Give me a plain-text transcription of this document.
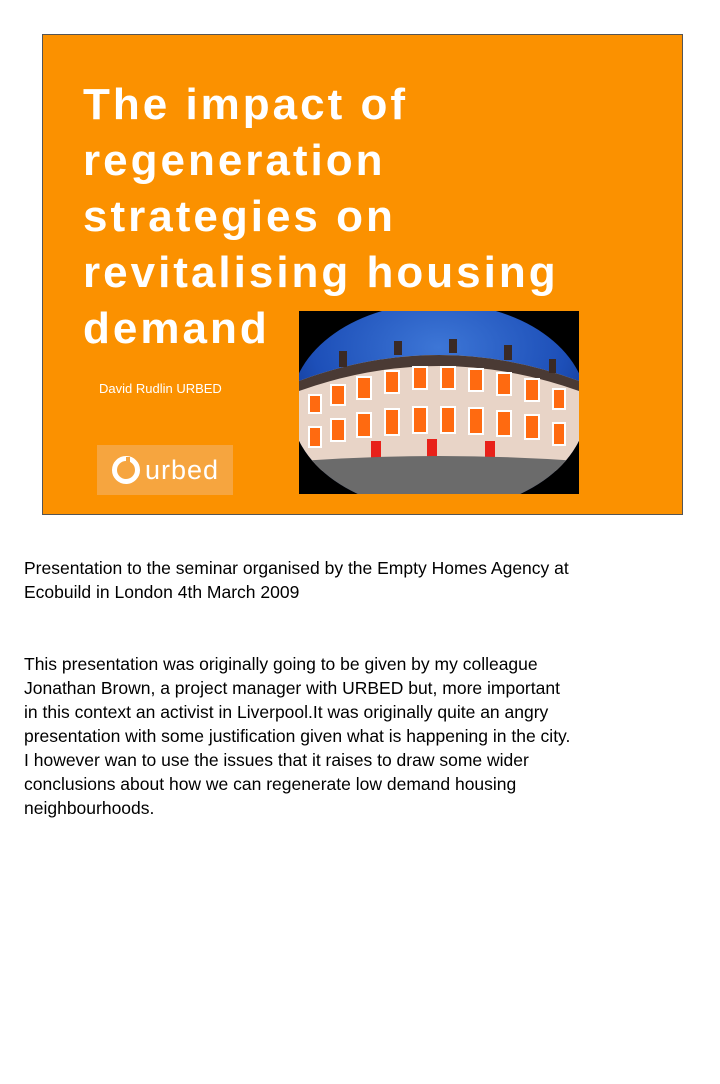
The impact of
regeneration
strategies on
revitalising housing
demand
David Rudlin URBED
urbed

Presentation to the seminar organised by the Empty Homes Agency at
Ecobuild in London 4th March 2009

This presentation was originally going to be given by my colleague
Jonathan Brown, a project manager with URBED but, more important
in this context an activist in Liverpool.It was originally quite an angry
presentation with some justification given what is happening in the city.
I however wan to use the issues that it raises to draw some wider
conclusions about how we can regenerate low demand housing
neighbourhoods.
